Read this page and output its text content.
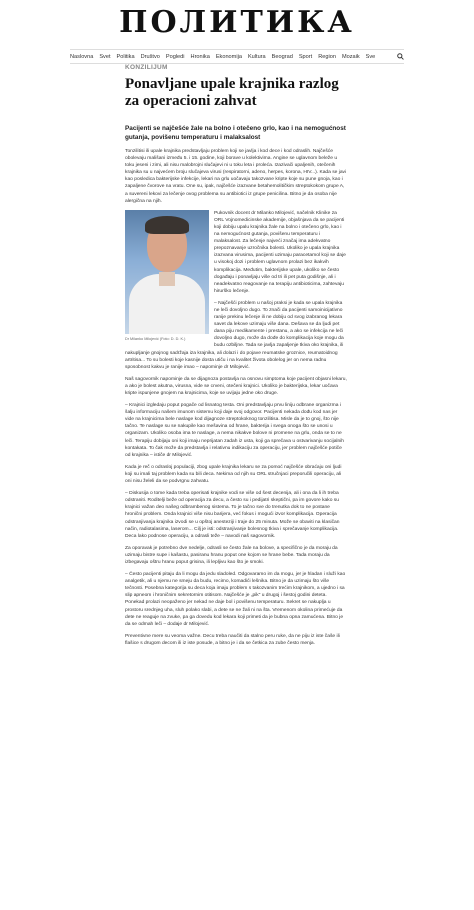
ПОЛИТИКА
Naslovna Svet Politika Društvo Pogledi Hronika Ekonomija Kultura Beograd Sport Region Mozaik Sve
KONZILIJUM
Ponavljane upale krajnika razlog za operacioni zahvat
Pacijenti se najčešće žale na bolno i otečeno grlo, kao i na nemogućnost gutanja, povišenu temperaturu i malaksalost

Tonzilitisi ili upale krajnika predstavljaju problem koji se javlja i kod dece i kod odraslih. Najčešće obolevaju mališani između 5. i 15. godine, koji borave u kolektivima. Angine se uglavnom beleže u toku jeseni i zimi, ali nisu malobrojni slučajevi ni u toku leta i proleća. Izazivači upaljenih, otečenih krajnika su u najvećem broju slučajeva virusi (respiratorni, adeno, herpes, korona, HIV...). Kada se javi kao posledica bakterijske infekcije, lekari na grlu uočavaju takozvane kripte koje su pune gnoja, kao i zapaljene čvorove na vratu. One su, ipak, najčešće izazvane betahemolitičkim streptokokom grupe A, a suvereni lekovi za lečenje ovog problema su antibiotici iz grupe penicilina. Bitno je da osoba nije alergična na njih.

Dr Milanko Milojević (Foto: D. D. K.)

Pukovnik docent dr Milanko Milojević, načelnik Klinike za ORL Vojnomedicinske akademije, objašnjava da se pacijenti koji dobiju upalu krajnika žale na bolno i otečeno grlo, kao i na nemogućnost gutanja, povišenu temperaturu i malaksalost. Za lečenje najveći značaj ima adekvatno prepoznavanje uzročnika bolesti. Ukoliko je upala krajnika izazvana virusima, pacijenti uzimaju paracetamol koji se daje u visokoj dozi i problem uglavnom prolazi bez ikakvih komplikacija. Međutim, bakterijske upale, ukoliko se često događaju i ponavljaju više od tri ili pet puta godišnje, ali i neadekvatno reagovanje na terapiju antibioticima, zahtevaju hirurško lečenje.

– Najčešći problem u našoj praksi je kada se upala krajnika ne leči dovoljno dugo. To znači da pacijenti samoinicijativno ranije prekinu lečenje ili ne dobiju od svog izabranog lekara savet da lekove uzimaju više dana. Dešava se da ljudi pet dana piju medikamente i prestanu, a ako se infekcija ne leči dovoljno dugo, može da dođe do komplikacija koje mogu da budu ozbiljne. Tada se javlja zapaljenje tkiva oko krajnika, ili nakupljanje gnojnog sadržaja iza krajnika, ali dolazi i do pojave reumatske groznice, reumatoidnog artritisa... To su bolesti koje kasnije dosta utiču i na kvalitet života obolelog jer on nema radnu sposobnost kakvu je ranije imao – napominje dr Milojević.

Naš sagovornik napominje da se dijagnoza postavlja na osnovu simptoma koje pacijent objasni lekaru, a ako je bolest akutna, virusna, vide se crveni, otečeni krajnici. Ukoliko je bakterijska, lekar uočava kripte ispunjene gnojem na krajnicima, koje se uvijaju jedne oko druge.

– Krajnici izgledaju poput pogače od lisnatog testa. Oni predstavljaju prvu liniju odbrane organizma i šalju informaciju našem imunom sistemu koji daje svoj odgovor. Pacijenti nekada dođu kod nas jer vide na krajnicima bele naslage kod dijagnoze streptokoknog tonzilitisa. Misle da je to gnoj, što nije tačno. Te naslage su se nakupile kao mešavina od hrane, bakterija i svega onoga što se unosi u organizam. Ukoliko osoba ima te naslage, a nema nikakve bolove ni promene na grlu, onda se to ne leči. Terapiju dobijaju oni koji imaju neprijatan zadah iz usta, koji ga sprečava u ostvarivanju socijalnih kontakata. To čak može da predstavlja i relativnu indikaciju za operaciju, jer problem najčešće potiče od krajnika – ističe dr Milojević.

Kada je reč o odrasloj populaciji, zbog upale krajnika lekaru se za pomoć najčešće obraćaju oni ljudi koji su imali taj problem kada su bili deca. Nekima od njih su ORL stručnjaci preporučili operaciju, ali oni nisu želeli da se podvrgnu zahvatu.

– Diskusija o tome kada treba operisati krajnike vodi se više od šest decenija, ali i ona da li ih treba odstraniti. Roditelji beže od operacija za decu, a često su i pedijatri skeptični, pa im govore kako su krajnici važan deo našeg odbrambenog sistema. To je tačno sve do trenutka dok to ne postane hronični problem. Onda krajnici više nisu barijera, već fokus i mogući izvor komplikacija. Operacija odstranjivanja krajnika izvodi se u opštoj anesteziji i traje do 25 minuta. Može se obaviti na klasičan način, radiotalasima, laserom... Cilj je isti: odstranjivanje bolesnog tkiva i sprečavanje komplikacija. Deca lako podnose operaciju, a odrasli teže – navodi naš sagovornik.

Za oporavak je potrebno dve nedelje, odrasli se često žale na bolove, a specifično je da moraju da uzimaju bistre supe i kašastu, pasiranu hranu poput one kojom se hrane bebe. Tada moraju da izbegavaju oštru hranu poput grisina, ili lepljivu kao što je smoki.

– Često pacijenti pitaju da li mogu da jedu sladoled. Odgovaramo im da mogu, jer je hladan i služi kao analgetik, ali u njemu ne smeju da budu, recimo, komadići lešnika. Bitno je da uzimaju što više tečnosti. Posebna kategorija su deca koja imaju problem s takozvanim trećim krajnikom, a ujedno i sa slip apneom i hroničnim sekretornim otitisom. Najčešće je „pik” u drugoj i šestoj godini deteta. Ponekad prolazi neopaženo jer nekad ne daje bol i povišenu temperaturu. Sekret se nakuplja u prostoru srednjeg uha, sluh polako slabi, a dete se ne žali ni na šta. Vremenom okolina primećuje da dete ne reaguje na zvuke, pa ga dovedu kod lekara koji primeti da je bubna opna zamućena. Bitno je da se odmah leči – dodaje dr Milojević.

Preventivne mere su veoma važne. Decu treba naučiti da stalno peru ruke, da ne piju iz iste čaše ili flašice s drugom decom ili iz iste posude, a bitno je i da se četkica za zube često menja.
